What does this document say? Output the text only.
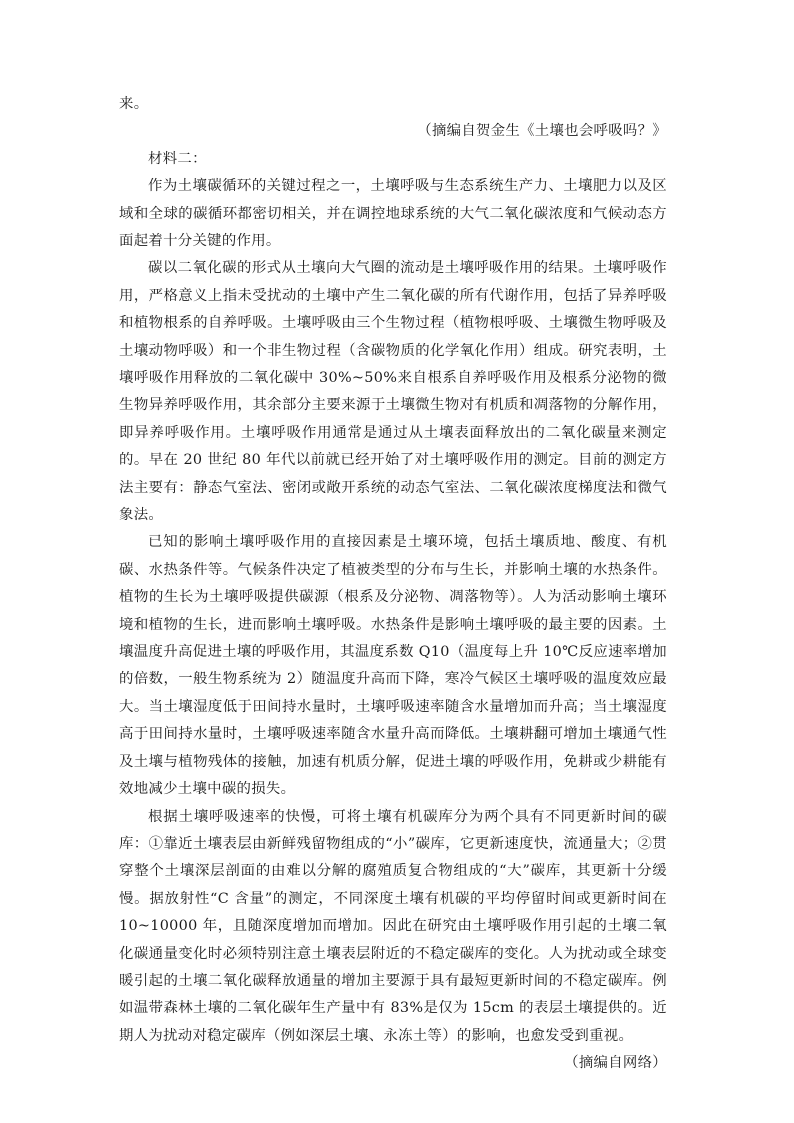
来。
（摘编自贺金生《土壤也会呼吸吗？》
材料二：

作为土壤碳循环的关键过程之一，土壤呼吸与生态系统生产力、土壤肥力以及区域和全球的碳循环都密切相关，并在调控地球系统的大气二氧化碳浓度和气候动态方面起着十分关键的作用。

碳以二氧化碳的形式从土壤向大气圈的流动是土壤呼吸作用的结果。土壤呼吸作用，严格意义上指未受扰动的土壤中产生二氧化碳的所有代谢作用，包括了异养呼吸和植物根系的自养呼吸。土壤呼吸由三个生物过程（植物根呼吸、土壤微生物呼吸及土壤动物呼吸）和一个非生物过程（含碳物质的化学氧化作用）组成。研究表明，土壤呼吸作用释放的二氧化碳中 30%~50%来自根系自养呼吸作用及根系分泌物的微生物异养呼吸作用，其余部分主要来源于土壤微生物对有机质和凋落物的分解作用，即异养呼吸作用。土壤呼吸作用通常是通过从土壤表面释放出的二氧化碳量来测定的。早在 20 世纪 80 年代以前就已经开始了对土壤呼吸作用的测定。目前的测定方法主要有：静态气室法、密闭或敞开系统的动态气室法、二氧化碳浓度梯度法和微气象法。

已知的影响土壤呼吸作用的直接因素是土壤环境，包括土壤质地、酸度、有机碳、水热条件等。气候条件决定了植被类型的分布与生长，并影响土壤的水热条件。植物的生长为土壤呼吸提供碳源（根系及分泌物、凋落物等）。人为活动影响土壤环境和植物的生长，进而影响土壤呼吸。水热条件是影响土壤呼吸的最主要的因素。土壤温度升高促进土壤的呼吸作用，其温度系数 Q10（温度每上升 10℃反应速率增加的倍数，一般生物系统为 2）随温度升高而下降，寒冷气候区土壤呼吸的温度效应最大。当土壤湿度低于田间持水量时，土壤呼吸速率随含水量增加而升高；当土壤湿度高于田间持水量时，土壤呼吸速率随含水量升高而降低。土壤耕翻可增加土壤通气性及土壤与植物残体的接触，加速有机质分解，促进土壤的呼吸作用，免耕或少耕能有效地减少土壤中碳的损失。

根据土壤呼吸速率的快慢，可将土壤有机碳库分为两个具有不同更新时间的碳库：①靠近土壤表层由新鲜残留物组成的“小”碳库，它更新速度快，流通量大；②贯穿整个土壤深层剖面的由难以分解的腐殖质复合物组成的“大”碳库，其更新十分缓慢。据放射性“C 含量”的测定，不同深度土壤有机碳的平均停留时间或更新时间在 10~10000 年，且随深度增加而增加。因此在研究由土壤呼吸作用引起的土壤二氧化碳通量变化时必须特别注意土壤表层附近的不稳定碳库的变化。人为扰动或全球变暖引起的土壤二氧化碳释放通量的增加主要源于具有最短更新时间的不稳定碳库。例如温带森林土壤的二氧化碳年生产量中有 83%是仅为 15cm 的表层土壤提供的。近期人为扰动对稳定碳库（例如深层土壤、永冻土等）的影响，也愈发受到重视。

（摘编自网络）
